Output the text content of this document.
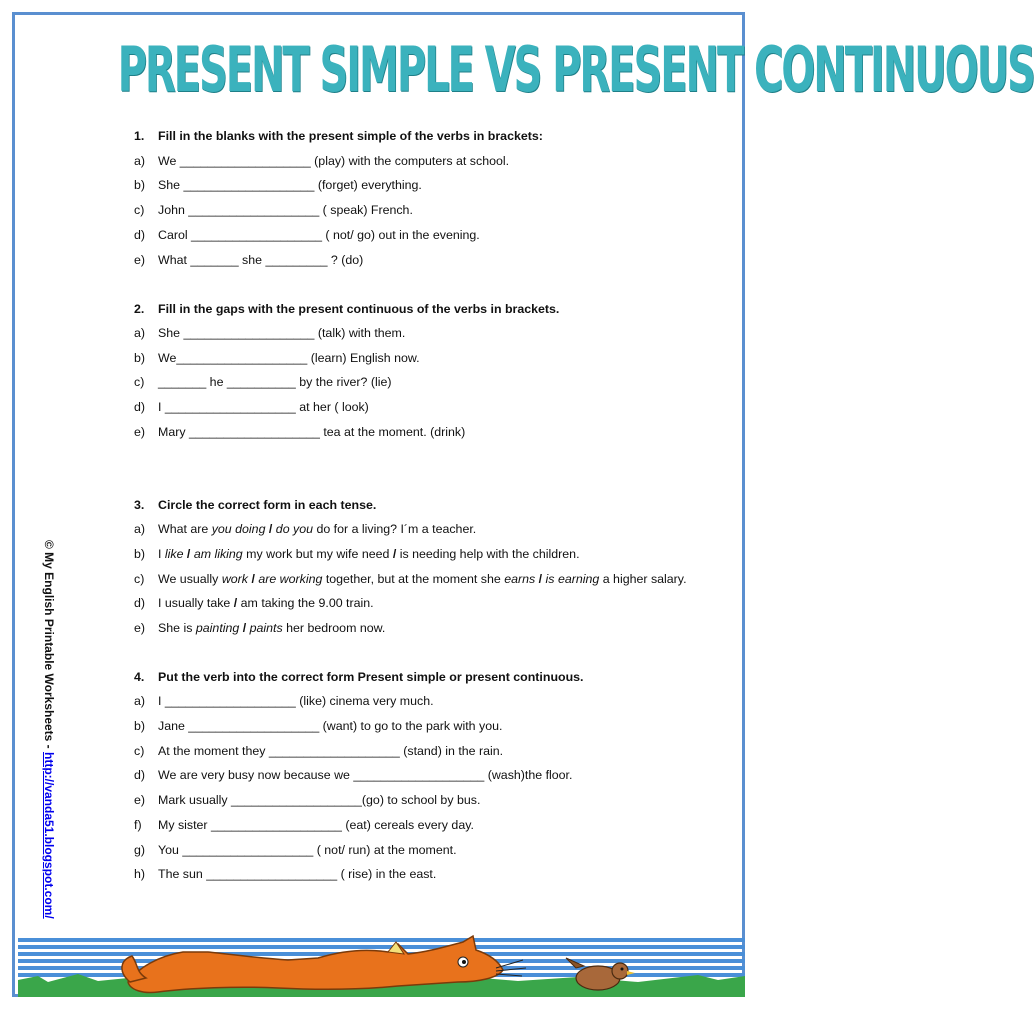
PRESENT SIMPLE VS PRESENT CONTINUOUS
1.	Fill in the blanks with the present simple of the verbs in brackets:
a)	We ___________________ (play) with the computers at school.
b)	She ___________________ (forget) everything.
c)	John ___________________ ( speak) French.
d)	Carol ___________________ ( not/ go) out in the evening.
e)	What _______ she _________ ? (do)
2.	Fill in the gaps with the present continuous of the verbs in brackets.
a)	She ___________________ (talk) with them.
b)	We___________________ (learn) English now.
c)	_______ he __________ by the river? (lie)
d)	I ___________________ at her ( look)
e)	Mary ___________________ tea at the moment. (drink)
3.	Circle the correct form in each tense.
a)	What are you doing / do you do for a living? I´m a teacher.
b)	I like / am liking my work but my wife need / is needing help with the children.
c)	We usually work / are working together, but at the moment she earns / is earning a higher salary.
d)	I usually take / am taking the 9.00 train.
e)	She is painting / paints her bedroom now.
4.	Put the verb into the correct form Present simple or present continuous.
a)	I ___________________ (like) cinema very much.
b)	Jane ___________________ (want) to go to the park with you.
c)	At the moment they ___________________ (stand) in the rain.
d)	We are very busy now because we ___________________ (wash)the floor.
e)	Mark usually ___________________(go) to school by bus.
f)	My sister ___________________ (eat) cereals every day.
g)	You ___________________ ( not/ run) at the moment.
h)	The sun ___________________ ( rise) in the east.
© My English Printable Worksheets - http://vanda51.blogspot.com/
